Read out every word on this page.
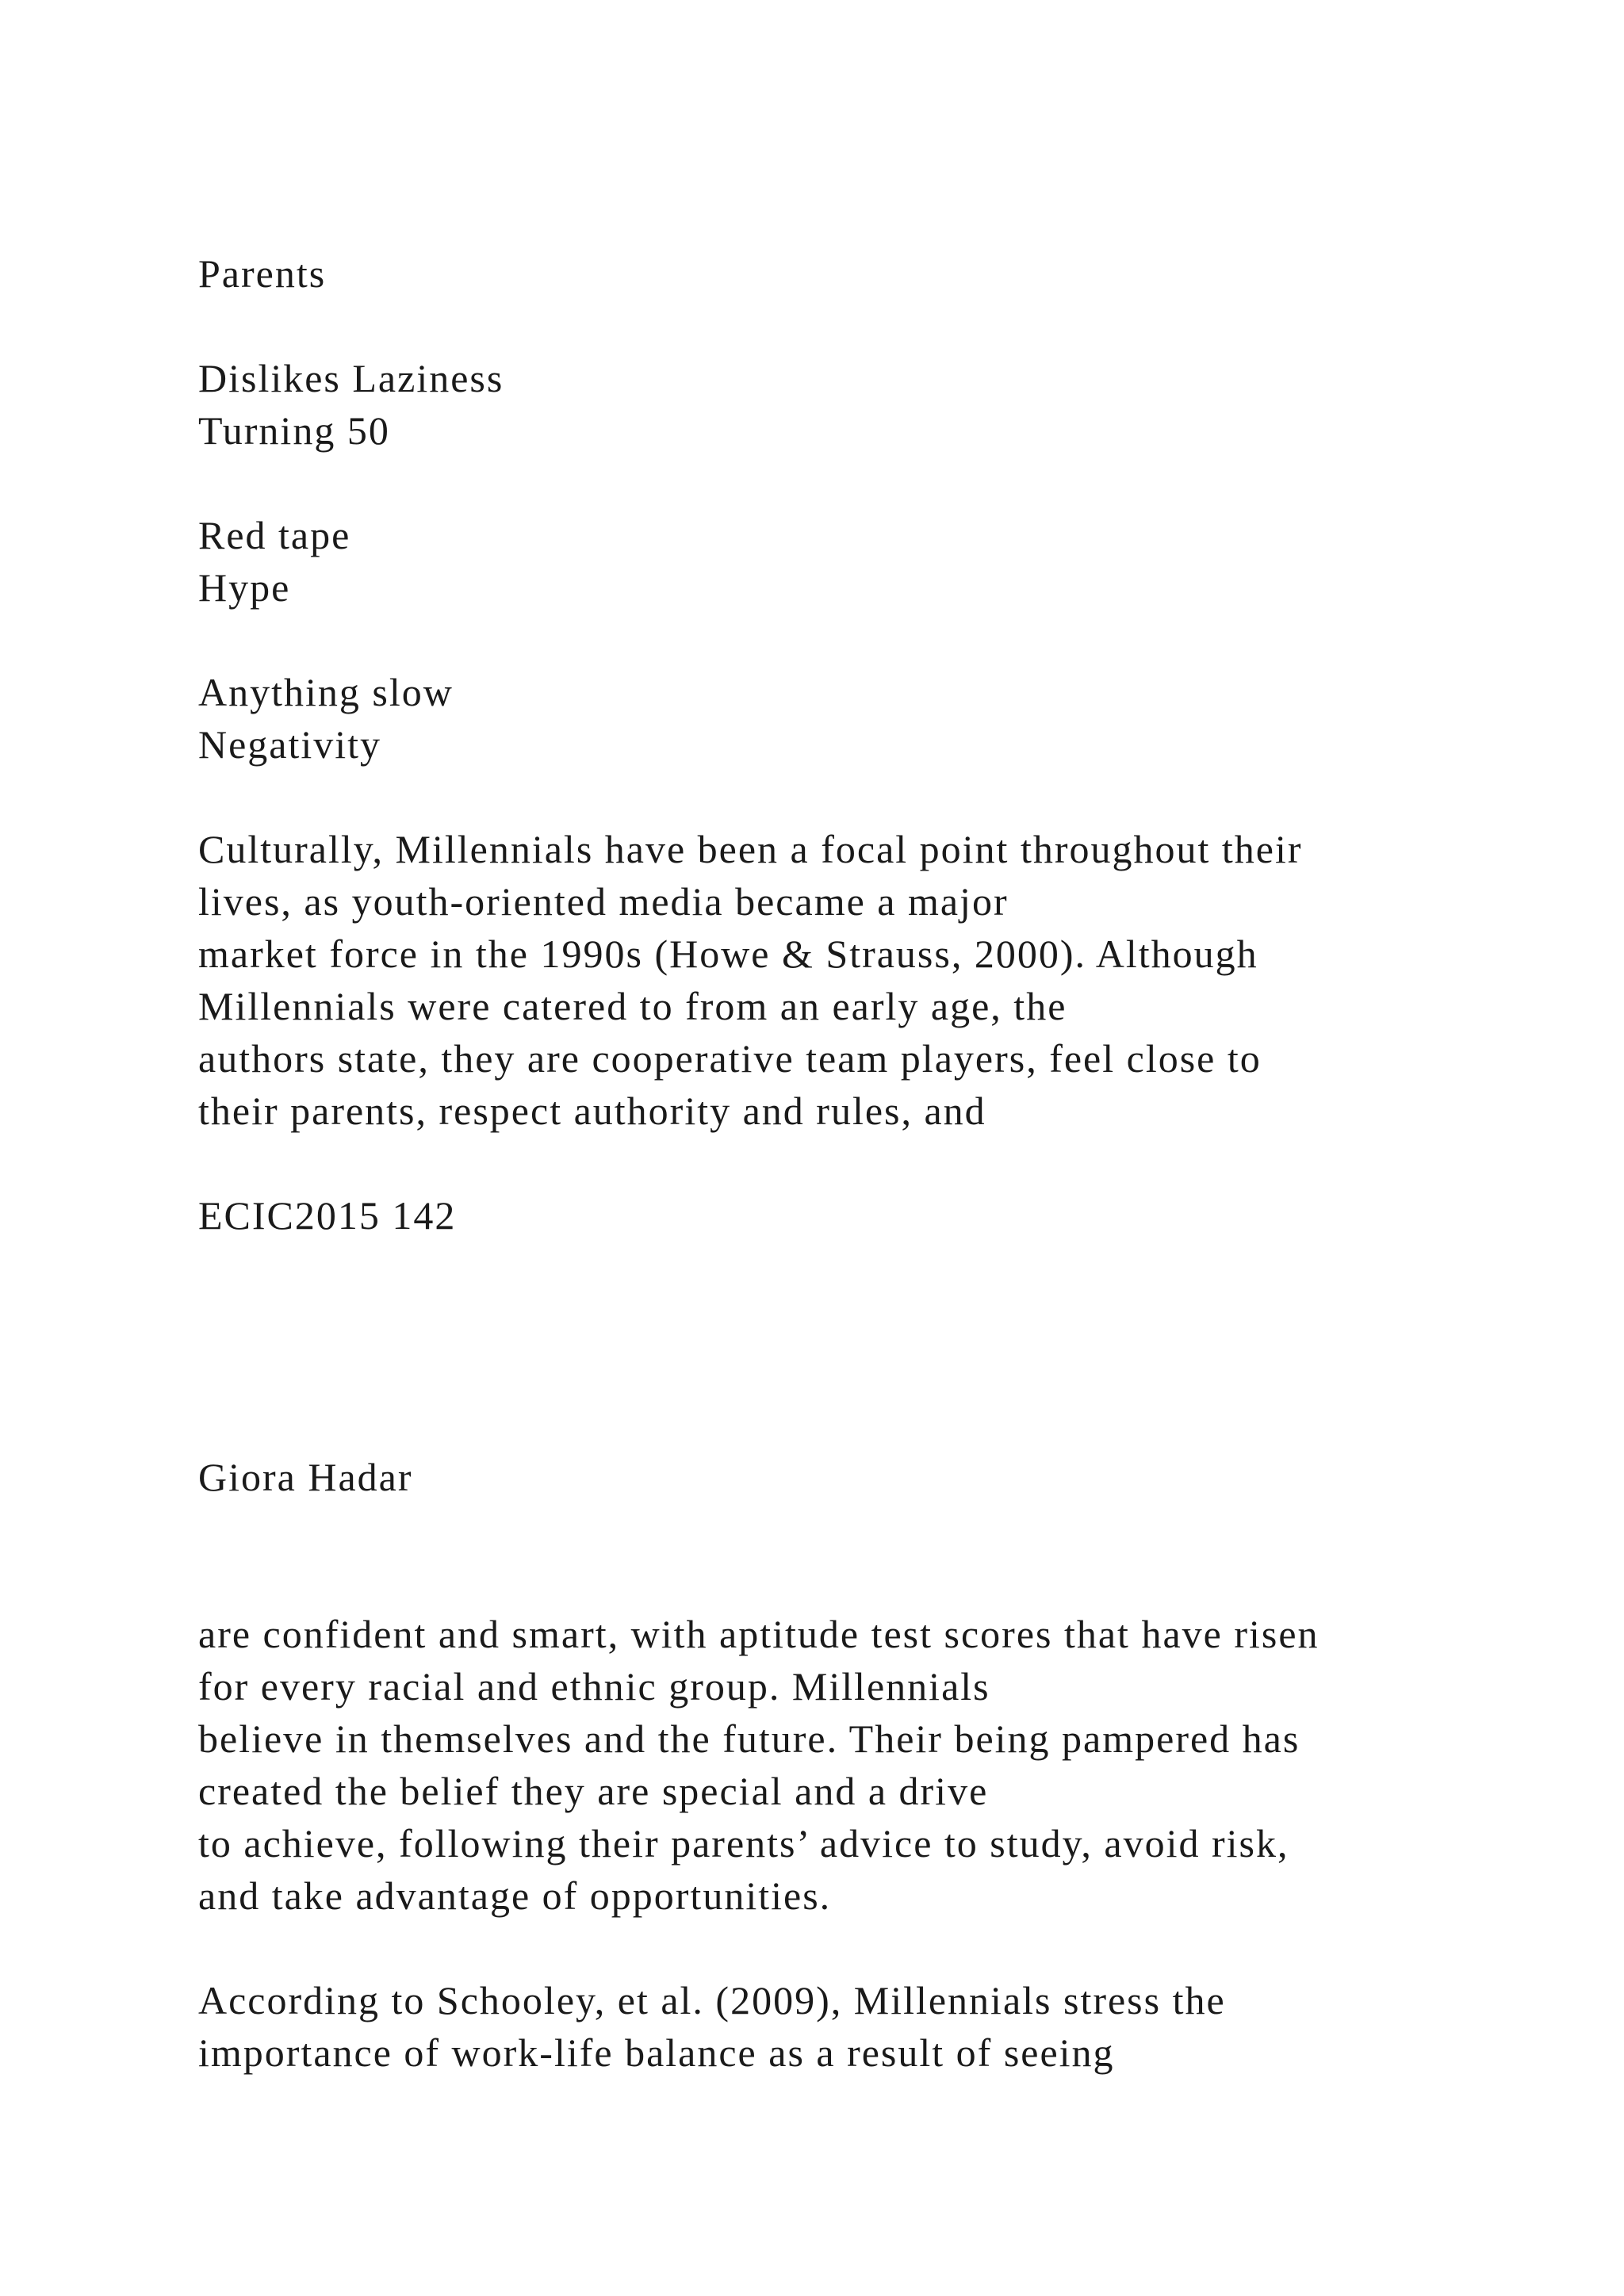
Parents

Dislikes Laziness

Turning 50

Red tape

Hype

Anything slow

Negativity

Culturally, Millennials have been a focal point throughout their

lives, as youth-oriented media became a major

market force in the 1990s (Howe & Strauss, 2000). Although

Millennials were catered to from an early age, the

authors state, they are cooperative team players, feel close to

their parents, respect authority and rules, and

ECIC2015 142

Giora Hadar

are confident and smart, with aptitude test scores that have risen

for every racial and ethnic group. Millennials

believe in themselves and the future. Their being pampered has

created the belief they are special and a drive

to achieve, following their parents’ advice to study, avoid risk,

and take advantage of opportunities.

According to Schooley, et al. (2009), Millennials stress the

importance of work-life balance as a result of seeing
